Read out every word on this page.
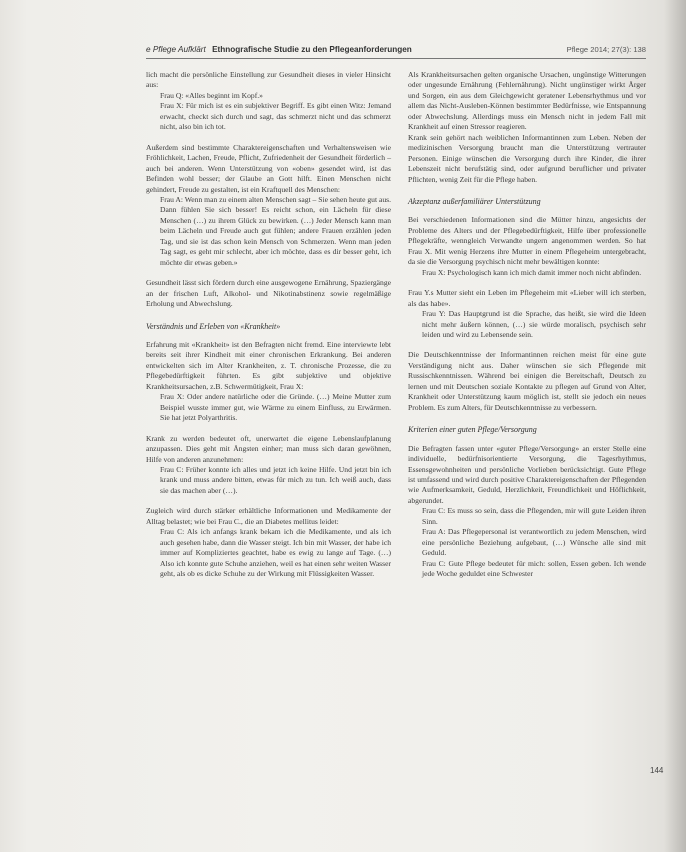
e Pflege Aufklärt Ethnografische Studie zu den Pflegeanforderungen	Pflege 2014; 27(3): 138

lich macht die persönliche Einstellung zur Gesundheit dieses in vieler Hinsicht aus:

Frau Q: «Alles beginnt im Kopf.»

Frau X: Für mich ist es ein subjektiver Begriff. Es gibt einen Witz: Jemand erwacht, checkt sich durch und sagt, das schmerzt nicht und das schmerzt nicht, also bin ich tot.

Außerdem sind bestimmte Charaktereigenschaften und Verhaltensweisen wie Fröhlichkeit, Lachen, Freude, Pflicht, Zufriedenheit der Gesundheit förderlich – auch bei anderen. Wenn Unterstützung von «oben» gesendet wird, ist das Befinden wohl besser; der Glaube an Gott hilft. Einen Menschen nicht gehindert, Freude zu gestalten, ist ein Kraftquell des Menschen:

Frau A: Wenn man zu einem alten Menschen sagt – Sie sehen heute gut aus. Dann fühlen Sie sich besser! Es reicht schon, ein Lächeln für diese Menschen (…) zu ihrem Glück zu bewirken. (…) Jeder Mensch kann man beim Lächeln und Freude auch gut fühlen; andere Frauen erzählen jeden Tag, und sie ist das schon kein Mensch von Schmerzen. Wenn man jeden Tag sagt, es geht mir schlecht, aber ich möchte, dass es dir besser geht, ich möchte dir etwas geben.»

Gesundheit lässt sich fördern durch eine ausgewogene Ernährung, Spaziergänge an der frischen Luft, Alkohol- und Nikotinabstinenz sowie regelmäßige Erholung und Abwechslung.

Verständnis und Erleben von «Krankheit»

Erfahrung mit «Krankheit» ist den Befragten nicht fremd. Eine interviewte lebt bereits seit ihrer Kindheit mit einer chronischen Erkrankung. Bei anderen entwickelten sich im Alter Krankheiten, z. T. chronische Prozesse, die zu Pflegebedürftigkeit führten. Es gibt subjektive und objektive Krankheitsursachen, z.B. Schwermütigkeit, Frau X:

Frau X: Oder andere natürliche oder die Gründe. (…) Meine Mutter zum Beispiel wusste immer gut, wie Wärme zu einem Einfluss, zu Erwärmen. Sie hat jetzt Polyarthritis.

Krank zu werden bedeutet oft, unerwartet die eigene Lebenslaufplanung anzupassen. Dies geht mit Ängsten einher; man muss sich daran gewöhnen, Hilfe von anderen anzunehmen:

Frau C: Früher konnte ich alles und jetzt ich keine Hilfe. Und jetzt bin ich krank und muss andere bitten, etwas für mich zu tun. Ich weiß auch, dass sie das machen aber (…).

Zugleich wird durch stärker erhältliche Informationen und Medikamente der Alltag belastet; wie bei Frau C., die an Diabetes mellitus leidet:

Frau C: Als ich anfangs krank bekam ich die Medikamente, und als ich auch gesehen habe, dann die Wasser steigt. Ich bin mit Wasser, der habe ich immer auf Kompliziertes geachtet, habe es ewig zu lange auf Tage. (…) Also ich konnte gute Schuhe anziehen, weil es hat einen sehr weiten Wasser geht, als ob es dicke Schuhe zu der Wirkung mit Flüssigkeiten Wasser.

Als Krankheitsursachen gelten organische Ursachen, ungünstige Witterungen oder ungesunde Ernährung (Fehlernährung). Nicht ungünstiger wirkt Ärger und Sorgen, ein aus dem Gleichgewicht geratener Lebensrhythmus und vor allem das Nicht-Ausleben-Können bestimmter Bedürfnisse, wie Entspannung oder Abwechslung. Allerdings muss ein Mensch nicht in jedem Fall mit Krankheit auf einen Stressor reagieren.

Krank sein gehört nach weiblichen Informantinnen zum Leben. Neben der medizinischen Versorgung braucht man die Unterstützung vertrauter Personen. Einige wünschen die Versorgung durch ihre Kinder, die ihrer Lebenszeit nicht berufstätig sind, oder aufgrund beruflicher und privater Pflichten, wenig Zeit für die Pflege haben.

Akzeptanz außerfamiliärer Unterstützung

Bei verschiedenen Informationen sind die Mütter hinzu, angesichts der Probleme des Alters und der Pflegebedürftigkeit, Hilfe über professionelle Pflegekräfte, wenngleich Verwandte ungern angenommen werden. So hat Frau X. Mit wenig Herzens ihre Mutter in einem Pflegeheim untergebracht, da sie die Versorgung psychisch nicht mehr bewältigen konnte:

Frau X: Psychologisch kann ich mich damit immer noch nicht abfinden.

Frau Y.s Mutter sieht ein Leben im Pflegeheim mit «Lieber will ich sterben, als das habe».

Frau Y: Das Hauptgrund ist die Sprache, das heißt, sie wird die Ideen nicht mehr äußern können, (…) sie würde moralisch, psychisch sehr leiden und wird zu Lebensende sein.

Die Deutschkenntnisse der Informantinnen reichen meist für eine gute Verständigung nicht aus. Daher wünschen sie sich Pflegende mit Russischkenntnissen. Während bei einigen die Bereitschaft, Deutsch zu lernen und mit Deutschen soziale Kontakte zu pflegen auf Grund von Alter, Krankheit oder Unterstützung kaum möglich ist, stellt sie jedoch ein neues Problem. Es zum Alters, für Deutschkenntnisse zu verbessern.

Kriterien einer guten Pflege/Versorgung

Die Befragten fassen unter «guter Pflege/Versorgung» an erster Stelle eine individuelle, bedürfnisorientierte Versorgung, die Tagesrhythmus, Essensgewohnheiten und persönliche Vorlieben berücksichtigt. Gute Pflege ist umfassend und wird durch positive Charaktereigenschaften der Pflegenden wie Aufmerksamkeit, Geduld, Herzlichkeit, Freundlichkeit und Höflichkeit, abgerundet.

Frau C: Es muss so sein, dass die Pflegenden, mir will gute Leiden ihren Sinn.

Frau A: Das Pflegepersonal ist verantwortlich zu jedem Menschen, wird eine persönliche Beziehung aufgebaut, (…) Wünsche alle sind mit Geduld.

Frau C: Gute Pflege bedeutet für mich: sollen, Essen geben. Ich wende jede Woche geduldet eine Schwester

144
